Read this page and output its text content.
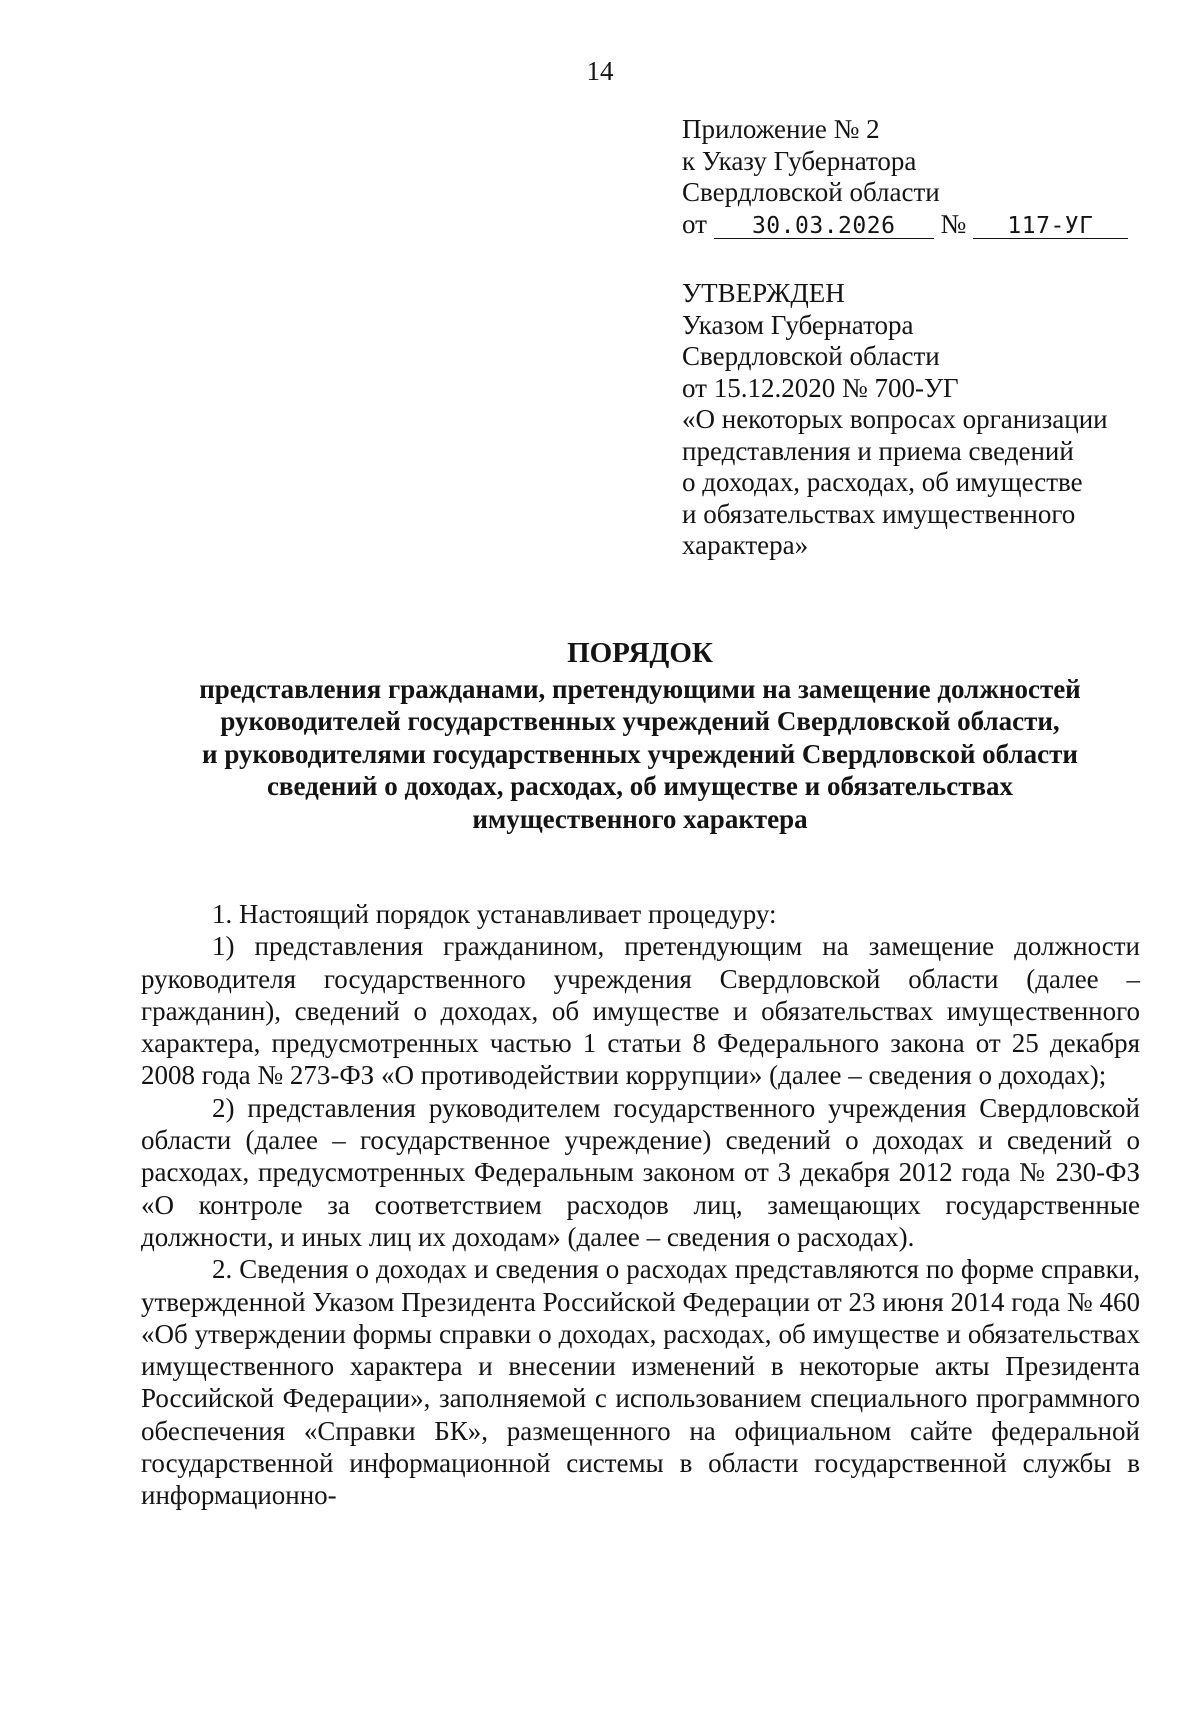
14
Приложение № 2
к Указу Губернатора
Свердловской области
от 30.03.2026 № 117-УГ
УТВЕРЖДЕН
Указом Губернатора
Свердловской области
от 15.12.2020 № 700-УГ
«О некоторых вопросах организации
представления и приема сведений
о доходах, расходах, об имуществе
и обязательствах имущественного
характера»
ПОРЯДОК
представления гражданами, претендующими на замещение должностей
руководителей государственных учреждений Свердловской области,
и руководителями государственных учреждений Свердловской области
сведений о доходах, расходах, об имуществе и обязательствах
имущественного характера

1. Настоящий порядок устанавливает процедуру:

1) представления гражданином, претендующим на замещение должности руководителя государственного учреждения Свердловской области (далее – гражданин), сведений о доходах, об имуществе и обязательствах имущественного характера, предусмотренных частью 1 статьи 8 Федерального закона от 25 декабря 2008 года № 273-ФЗ «О противодействии коррупции» (далее – сведения о доходах);

2) представления руководителем государственного учреждения Свердловской области (далее – государственное учреждение) сведений о доходах и сведений о расходах, предусмотренных Федеральным законом от 3 декабря 2012 года № 230-ФЗ «О контроле за соответствием расходов лиц, замещающих государственные должности, и иных лиц их доходам» (далее – сведения о расходах).

2. Сведения о доходах и сведения о расходах представляются по форме справки, утвержденной Указом Президента Российской Федерации от 23 июня 2014 года № 460 «Об утверждении формы справки о доходах, расходах, об имуществе и обязательствах имущественного характера и внесении изменений в некоторые акты Президента Российской Федерации», заполняемой с использованием специального программного обеспечения «Справки БК», размещенного на официальном сайте федеральной государственной информационной системы в области государственной службы в информационно-
